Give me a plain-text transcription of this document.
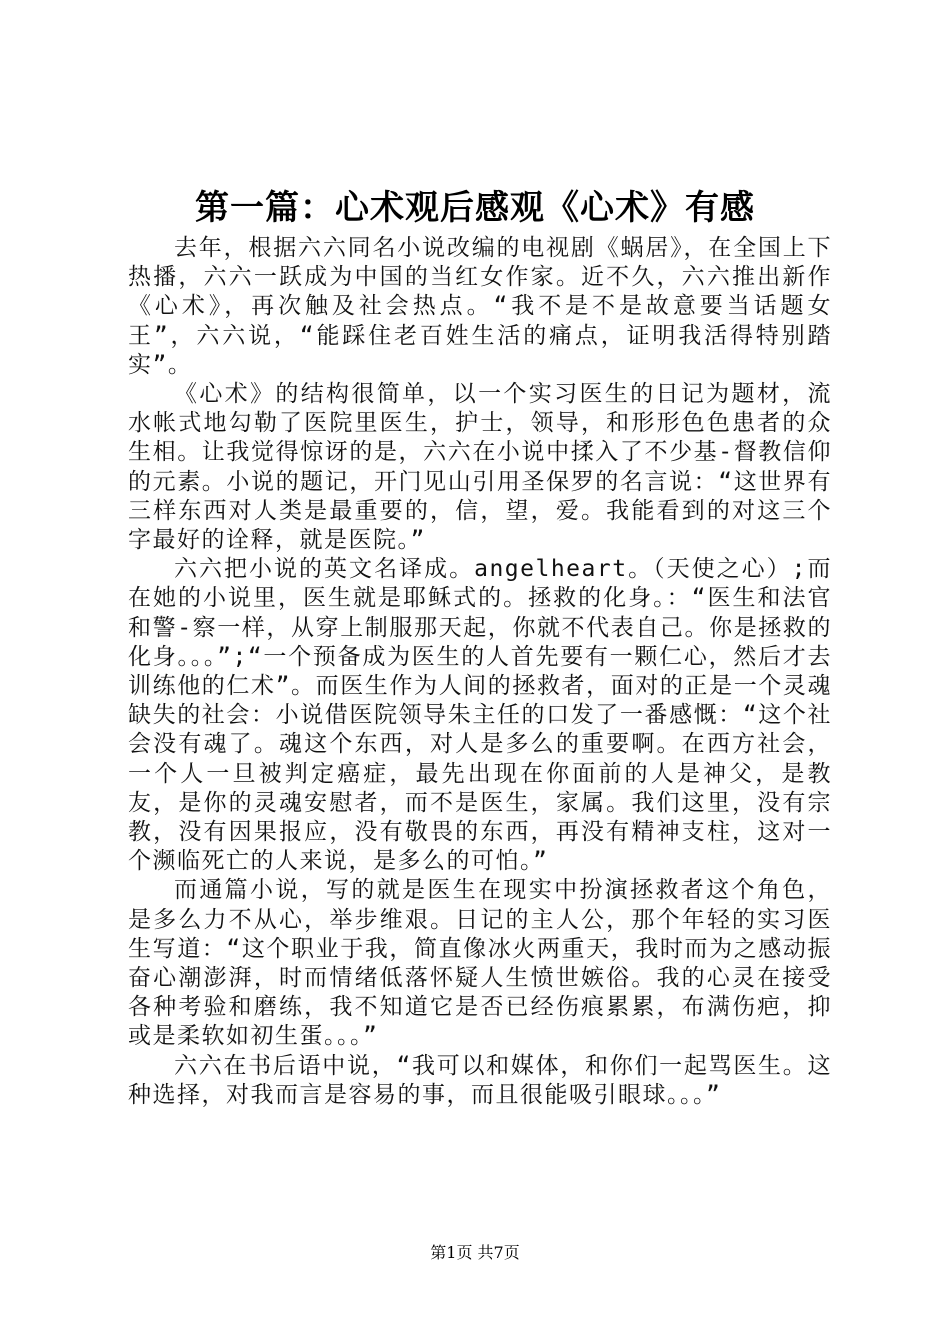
第一篇：心术观后感观《心术》有感

去年，根据六六同名小说改编的电视剧《蜗居》，在全国上下热播，六六一跃成为中国的当红女作家。近不久，六六推出新作《心术》，再次触及社会热点。“我不是不是故意要当话题女王”，六六说，“能踩住老百姓生活的痛点，证明我活得特别踏实”。

《心术》的结构很简单，以一个实习医生的日记为题材，流水帐式地勾勒了医院里医生，护士，领导，和形形色色患者的众生相。让我觉得惊讶的是，六六在小说中揉入了不少基-督教信仰的元素。小说的题记，开门见山引用圣保罗的名言说：“这世界有三样东西对人类是最重要的，信，望，爱。我能看到的对这三个字最好的诠释，就是医院。”

六六把小说的英文名译成。angelheart。（天使之心）;而在她的小说里，医生就是耶稣式的。拯救的化身。：“医生和法官和警-察一样，从穿上制服那天起，你就不代表自己。你是拯救的化身。。。”;“一个预备成为医生的人首先要有一颗仁心，然后才去训练他的仁术”。而医生作为人间的拯救者，面对的正是一个灵魂缺失的社会：小说借医院领导朱主任的口发了一番感慨：“这个社会没有魂了。魂这个东西，对人是多么的重要啊。在西方社会，一个人一旦被判定癌症，最先出现在你面前的人是神父，是教友，是你的灵魂安慰者，而不是医生，家属。我们这里，没有宗教，没有因果报应，没有敬畏的东西，再没有精神支柱，这对一个濒临死亡的人来说，是多么的可怕。”

而通篇小说，写的就是医生在现实中扮演拯救者这个角色，是多么力不从心，举步维艰。日记的主人公，那个年轻的实习医生写道：“这个职业于我，简直像冰火两重天，我时而为之感动振奋心潮澎湃，时而情绪低落怀疑人生愤世嫉俗。我的心灵在接受各种考验和磨练，我不知道它是否已经伤痕累累，布满伤疤，抑或是柔软如初生蛋。。。”

六六在书后语中说，“我可以和媒体，和你们一起骂医生。这种选择，对我而言是容易的事，而且很能吸引眼球。。。”

第1页 共7页
